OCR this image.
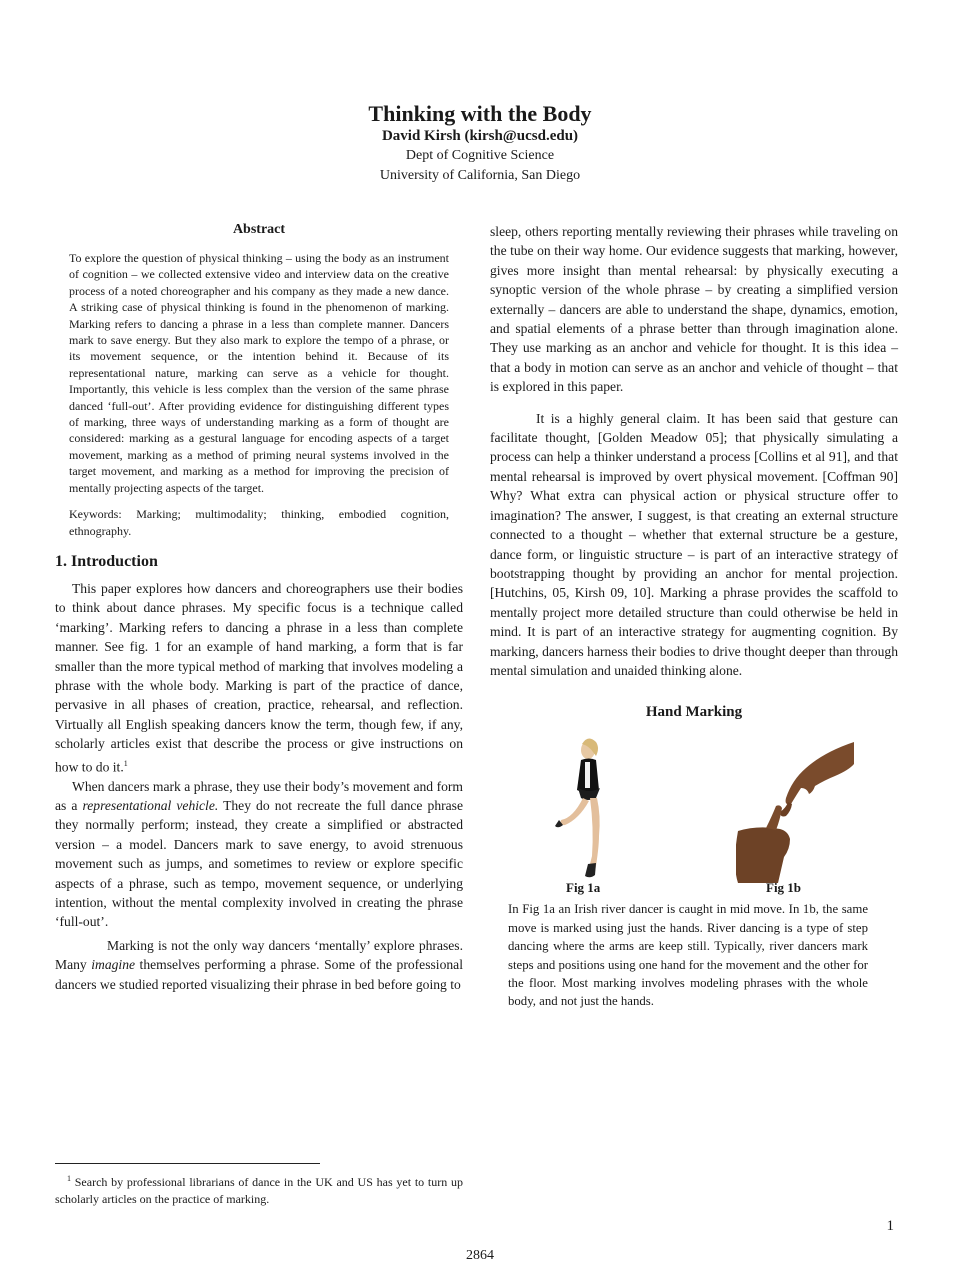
Thinking with the Body
David Kirsh (kirsh@ucsd.edu)
Dept of Cognitive Science
University of California, San Diego
Abstract
To explore the question of physical thinking – using the body as an instrument of cognition – we collected extensive video and interview data on the creative process of a noted choreographer and his company as they made a new dance. A striking case of physical thinking is found in the phenomenon of marking. Marking refers to dancing a phrase in a less than complete manner. Dancers mark to save energy. But they also mark to explore the tempo of a phrase, or its movement sequence, or the intention behind it. Because of its representational nature, marking can serve as a vehicle for thought. Importantly, this vehicle is less complex than the version of the same phrase danced ‘full-out’. After providing evidence for distinguishing different types of marking, three ways of understanding marking as a form of thought are considered: marking as a gestural language for encoding aspects of a target movement, marking as a method of priming neural systems involved in the target movement, and marking as a method for improving the precision of mentally projecting aspects of the target.
Keywords: Marking; multimodality; thinking, embodied cognition, ethnography.
1. Introduction

This paper explores how dancers and choreographers use their bodies to think about dance phrases. My specific focus is a technique called ‘marking’. Marking refers to dancing a phrase in a less than complete manner. See fig. 1 for an example of hand marking, a form that is far smaller than the more typical method of marking that involves modeling a phrase with the whole body. Marking is part of the practice of dance, pervasive in all phases of creation, practice, rehearsal, and reflection. Virtually all English speaking dancers know the term, though few, if any, scholarly articles exist that describe the process or give instructions on how to do it.$^1$

When dancers mark a phrase, they use their body’s movement and form as a representational vehicle. They do not recreate the full dance phrase they normally perform; instead, they create a simplified or abstracted version – a model. Dancers mark to save energy, to avoid strenuous movement such as jumps, and sometimes to review or explore specific aspects of a phrase, such as tempo, movement sequence, or underlying intention, without the mental complexity involved in creating the phrase ‘full-out’.

Marking is not the only way dancers ‘mentally’ explore phrases. Many imagine themselves performing a phrase. Some of the professional dancers we studied reported visualizing their phrase in bed before going to

sleep, others reporting mentally reviewing their phrases while traveling on the tube on their way home. Our evidence suggests that marking, however, gives more insight than mental rehearsal: by physically executing a synoptic version of the whole phrase – by creating a simplified version externally – dancers are able to understand the shape, dynamics, emotion, and spatial elements of a phrase better than through imagination alone. They use marking as an anchor and vehicle for thought. It is this idea – that a body in motion can serve as an anchor and vehicle of thought – that is explored in this paper.

It is a highly general claim. It has been said that gesture can facilitate thought, [Golden Meadow 05]; that physically simulating a process can help a thinker understand a process [Collins et al 91], and that mental rehearsal is improved by overt physical movement. [Coffman 90] Why? What extra can physical action or physical structure offer to imagination? The answer, I suggest, is that creating an external structure connected to a thought – whether that external structure be a gesture, dance form, or linguistic structure – is part of an interactive strategy of bootstrapping thought by providing an anchor for mental projection. [Hutchins, 05, Kirsh 09, 10]. Marking a phrase provides the scaffold to mentally project more detailed structure than could otherwise be held in mind. It is part of an interactive strategy for augmenting cognition. By marking, dancers harness their bodies to drive thought deeper than through mental simulation and unaided thinking alone.

Hand Marking
Fig 1a	Fig 1b

In Fig 1a an Irish river dancer is caught in mid move. In 1b, the same move is marked using just the hands. River dancing is a type of step dancing where the arms are keep still. Typically, river dancers mark steps and positions using one hand for the movement and the other for the floor. Most marking involves modeling phrases with the whole body, and not just the hands.

$^1$ Search by professional librarians of dance in the UK and US has yet to turn up scholarly articles on the practice of marking.
1
2864
